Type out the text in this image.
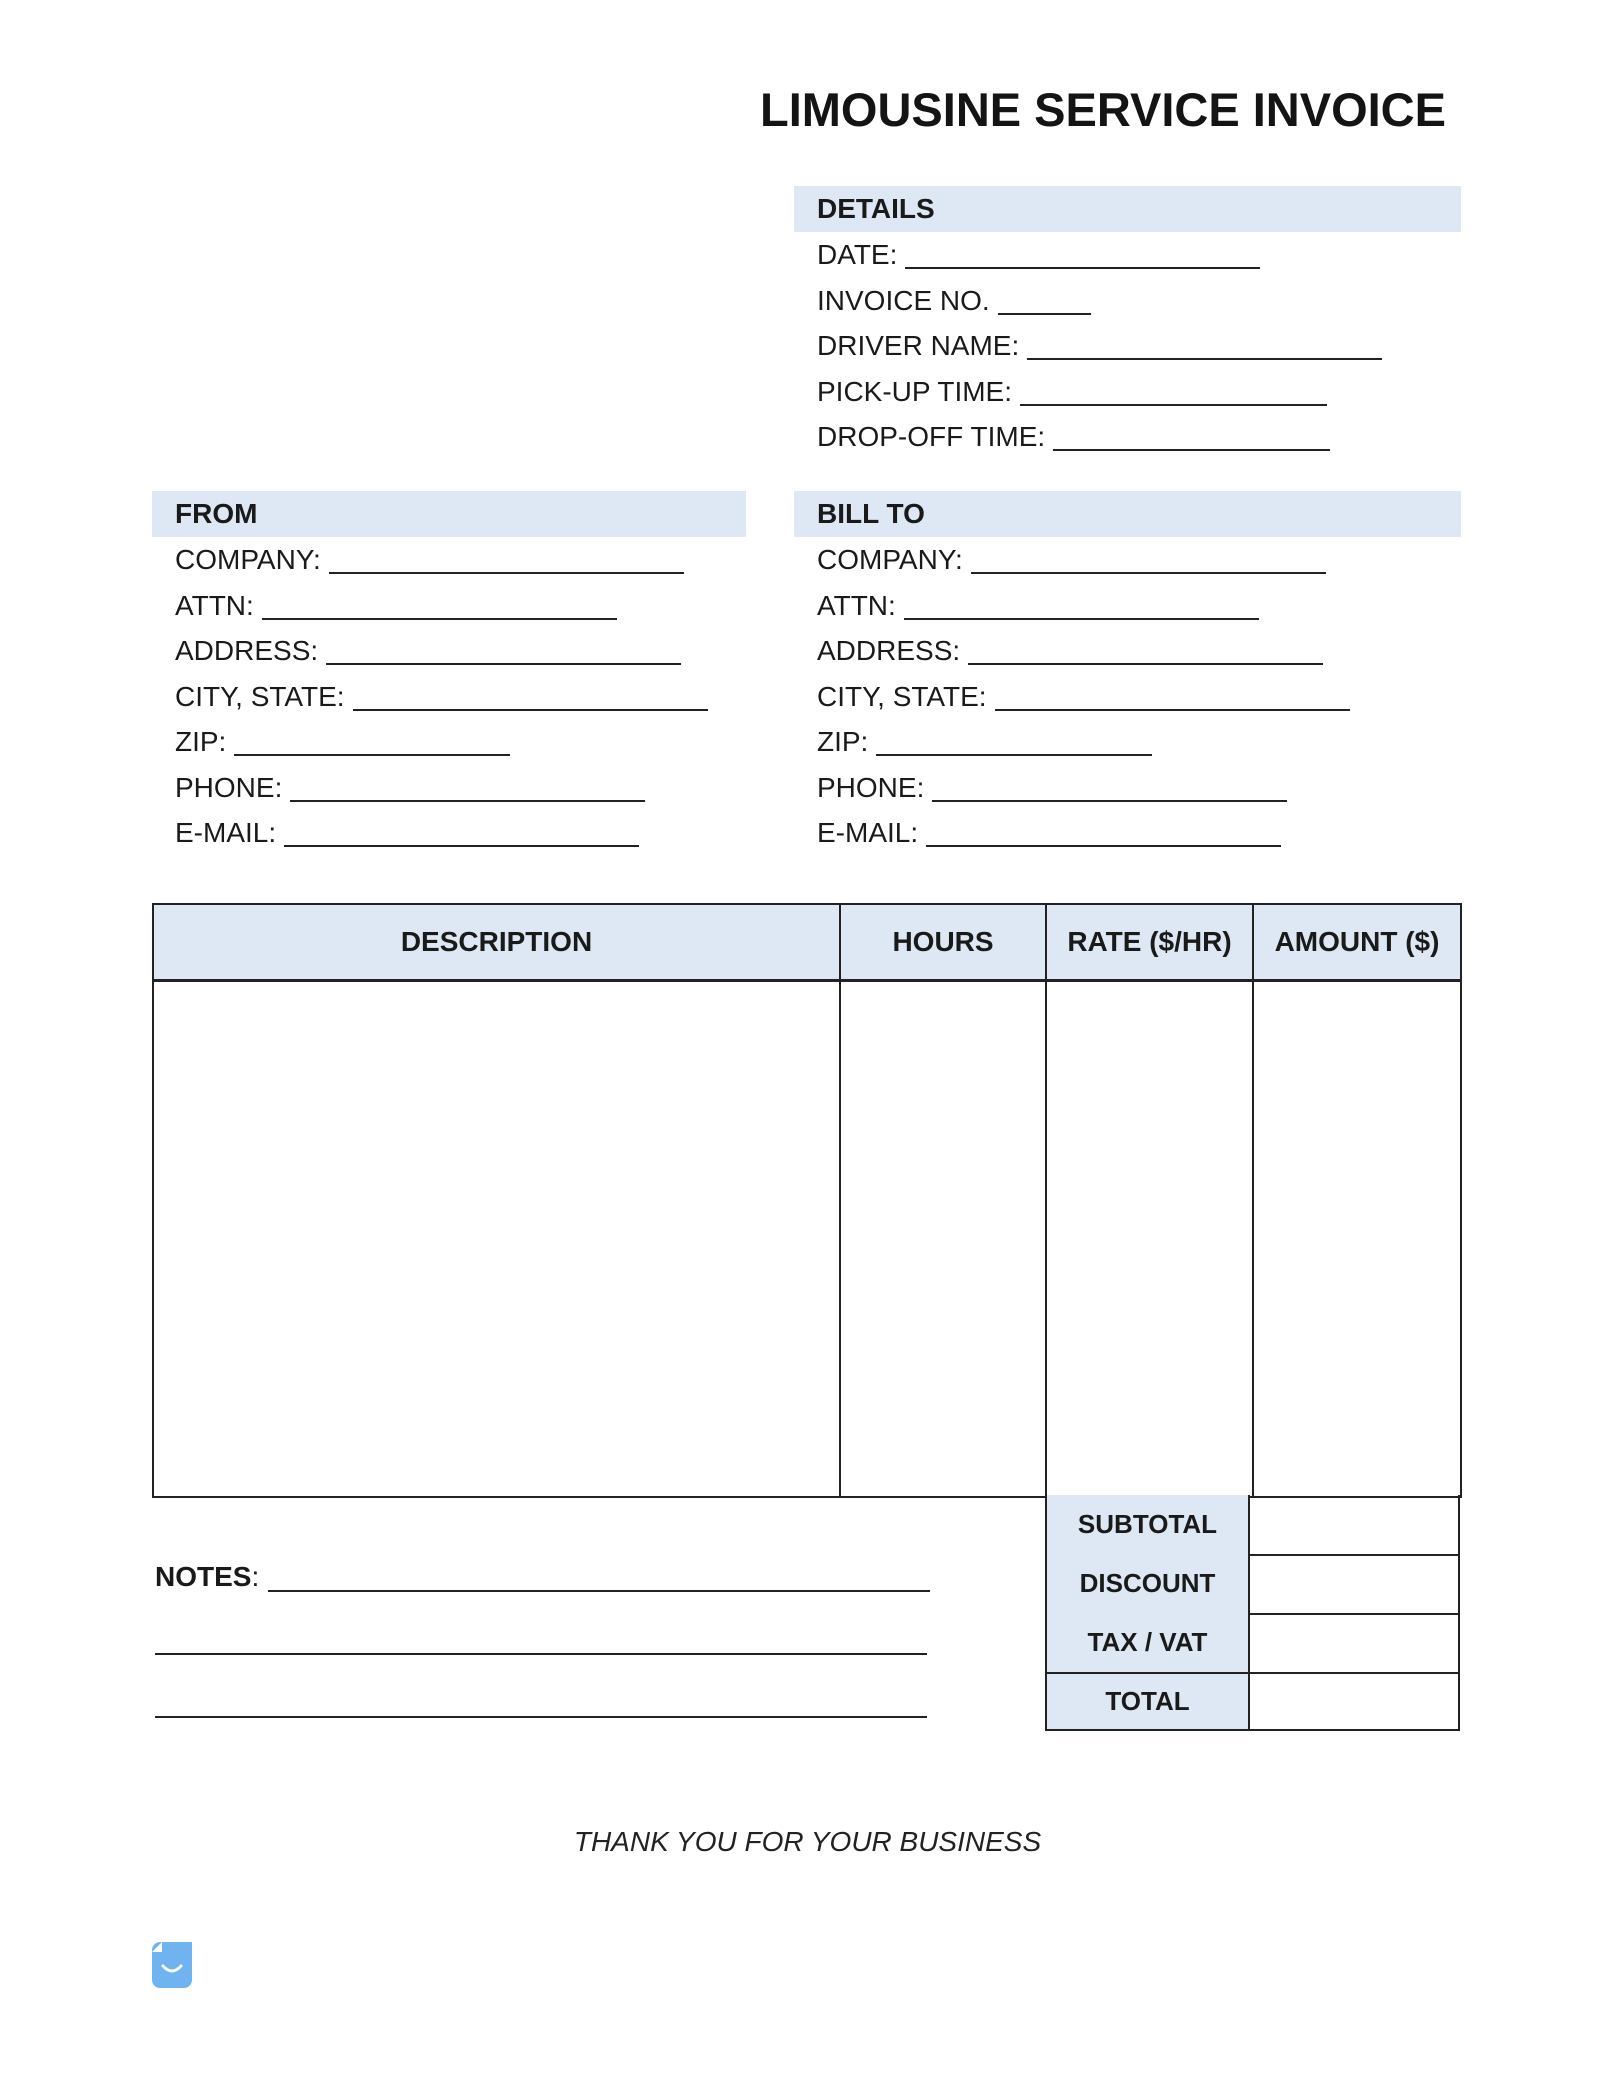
LIMOUSINE SERVICE INVOICE
DETAILS
DATE:
INVOICE NO.
DRIVER NAME:
PICK-UP TIME:
DROP-OFF TIME:
FROM
COMPANY:
ATTN:
ADDRESS:
CITY, STATE:
ZIP:
PHONE:
E-MAIL:
BILL TO
COMPANY:
ATTN:
ADDRESS:
CITY, STATE:
ZIP:
PHONE:
E-MAIL:
DESCRIPTION	HOURS	RATE ($/HR)	AMOUNT ($)

SUBTOTAL
DISCOUNT
TAX / VAT
TOTAL
NOTES:
THANK YOU FOR YOUR BUSINESS
